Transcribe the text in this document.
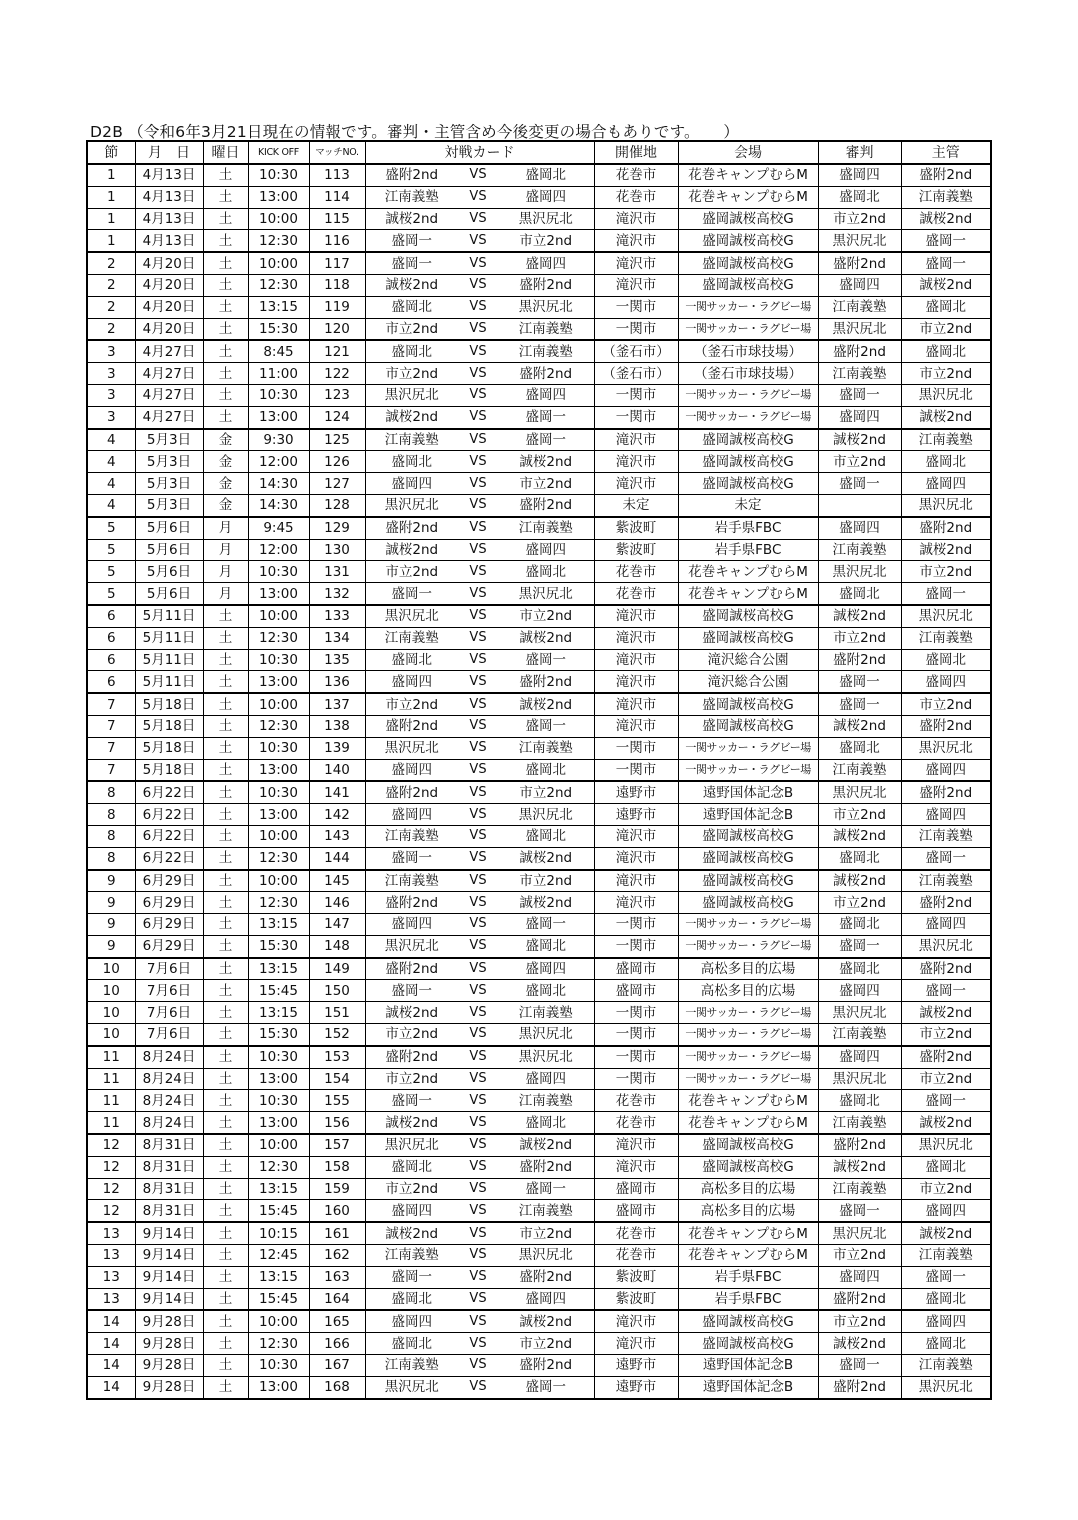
D2B （令和6年3月21日現在の情報です。審判・主管含め今後変更の場合もありです。　　）
節	月　日	曜日	KICK OFF	マッチNO.	対戦カード			開催地	会場	審判	主管
1	4月13日	土	10:30	113	盛附2nd	VS	盛岡北	花巻市	花巻キャンプむらM	盛岡四	盛附2nd
1	4月13日	土	13:00	114	江南義塾	VS	盛岡四	花巻市	花巻キャンプむらM	盛岡北	江南義塾
1	4月13日	土	10:00	115	誠桜2nd	VS	黒沢尻北	滝沢市	盛岡誠桜高校G	市立2nd	誠桜2nd
1	4月13日	土	12:30	116	盛岡一	VS	市立2nd	滝沢市	盛岡誠桜高校G	黒沢尻北	盛岡一
2	4月20日	土	10:00	117	盛岡一	VS	盛岡四	滝沢市	盛岡誠桜高校G	盛附2nd	盛岡一
2	4月20日	土	12:30	118	誠桜2nd	VS	盛附2nd	滝沢市	盛岡誠桜高校G	盛岡四	誠桜2nd
2	4月20日	土	13:15	119	盛岡北	VS	黒沢尻北	一関市	一関サッカー・ラグビー場	江南義塾	盛岡北
2	4月20日	土	15:30	120	市立2nd	VS	江南義塾	一関市	一関サッカー・ラグビー場	黒沢尻北	市立2nd
3	4月27日	土	8:45	121	盛岡北	VS	江南義塾	（釜石市）	（釜石市球技場）	盛附2nd	盛岡北
3	4月27日	土	11:00	122	市立2nd	VS	盛附2nd	（釜石市）	（釜石市球技場）	江南義塾	市立2nd
3	4月27日	土	10:30	123	黒沢尻北	VS	盛岡四	一関市	一関サッカー・ラグビー場	盛岡一	黒沢尻北
3	4月27日	土	13:00	124	誠桜2nd	VS	盛岡一	一関市	一関サッカー・ラグビー場	盛岡四	誠桜2nd
4	5月3日	金	9:30	125	江南義塾	VS	盛岡一	滝沢市	盛岡誠桜高校G	誠桜2nd	江南義塾
4	5月3日	金	12:00	126	盛岡北	VS	誠桜2nd	滝沢市	盛岡誠桜高校G	市立2nd	盛岡北
4	5月3日	金	14:30	127	盛岡四	VS	市立2nd	滝沢市	盛岡誠桜高校G	盛岡一	盛岡四
4	5月3日	金	14:30	128	黒沢尻北	VS	盛附2nd	未定	未定		黒沢尻北
5	5月6日	月	9:45	129	盛附2nd	VS	江南義塾	紫波町	岩手県FBC	盛岡四	盛附2nd
5	5月6日	月	12:00	130	誠桜2nd	VS	盛岡四	紫波町	岩手県FBC	江南義塾	誠桜2nd
5	5月6日	月	10:30	131	市立2nd	VS	盛岡北	花巻市	花巻キャンプむらM	黒沢尻北	市立2nd
5	5月6日	月	13:00	132	盛岡一	VS	黒沢尻北	花巻市	花巻キャンプむらM	盛岡北	盛岡一
6	5月11日	土	10:00	133	黒沢尻北	VS	市立2nd	滝沢市	盛岡誠桜高校G	誠桜2nd	黒沢尻北
6	5月11日	土	12:30	134	江南義塾	VS	誠桜2nd	滝沢市	盛岡誠桜高校G	市立2nd	江南義塾
6	5月11日	土	10:30	135	盛岡北	VS	盛岡一	滝沢市	滝沢総合公園	盛附2nd	盛岡北
6	5月11日	土	13:00	136	盛岡四	VS	盛附2nd	滝沢市	滝沢総合公園	盛岡一	盛岡四
7	5月18日	土	10:00	137	市立2nd	VS	誠桜2nd	滝沢市	盛岡誠桜高校G	盛岡一	市立2nd
7	5月18日	土	12:30	138	盛附2nd	VS	盛岡一	滝沢市	盛岡誠桜高校G	誠桜2nd	盛附2nd
7	5月18日	土	10:30	139	黒沢尻北	VS	江南義塾	一関市	一関サッカー・ラグビー場	盛岡北	黒沢尻北
7	5月18日	土	13:00	140	盛岡四	VS	盛岡北	一関市	一関サッカー・ラグビー場	江南義塾	盛岡四
8	6月22日	土	10:30	141	盛附2nd	VS	市立2nd	遠野市	遠野国体記念B	黒沢尻北	盛附2nd
8	6月22日	土	13:00	142	盛岡四	VS	黒沢尻北	遠野市	遠野国体記念B	市立2nd	盛岡四
8	6月22日	土	10:00	143	江南義塾	VS	盛岡北	滝沢市	盛岡誠桜高校G	誠桜2nd	江南義塾
8	6月22日	土	12:30	144	盛岡一	VS	誠桜2nd	滝沢市	盛岡誠桜高校G	盛岡北	盛岡一
9	6月29日	土	10:00	145	江南義塾	VS	市立2nd	滝沢市	盛岡誠桜高校G	誠桜2nd	江南義塾
9	6月29日	土	12:30	146	盛附2nd	VS	誠桜2nd	滝沢市	盛岡誠桜高校G	市立2nd	盛附2nd
9	6月29日	土	13:15	147	盛岡四	VS	盛岡一	一関市	一関サッカー・ラグビー場	盛岡北	盛岡四
9	6月29日	土	15:30	148	黒沢尻北	VS	盛岡北	一関市	一関サッカー・ラグビー場	盛岡一	黒沢尻北
10	7月6日	土	13:15	149	盛附2nd	VS	盛岡四	盛岡市	高松多目的広場	盛岡北	盛附2nd
10	7月6日	土	15:45	150	盛岡一	VS	盛岡北	盛岡市	高松多目的広場	盛岡四	盛岡一
10	7月6日	土	13:15	151	誠桜2nd	VS	江南義塾	一関市	一関サッカー・ラグビー場	黒沢尻北	誠桜2nd
10	7月6日	土	15:30	152	市立2nd	VS	黒沢尻北	一関市	一関サッカー・ラグビー場	江南義塾	市立2nd
11	8月24日	土	10:30	153	盛附2nd	VS	黒沢尻北	一関市	一関サッカー・ラグビー場	盛岡四	盛附2nd
11	8月24日	土	13:00	154	市立2nd	VS	盛岡四	一関市	一関サッカー・ラグビー場	黒沢尻北	市立2nd
11	8月24日	土	10:30	155	盛岡一	VS	江南義塾	花巻市	花巻キャンプむらM	盛岡北	盛岡一
11	8月24日	土	13:00	156	誠桜2nd	VS	盛岡北	花巻市	花巻キャンプむらM	江南義塾	誠桜2nd
12	8月31日	土	10:00	157	黒沢尻北	VS	誠桜2nd	滝沢市	盛岡誠桜高校G	盛附2nd	黒沢尻北
12	8月31日	土	12:30	158	盛岡北	VS	盛附2nd	滝沢市	盛岡誠桜高校G	誠桜2nd	盛岡北
12	8月31日	土	13:15	159	市立2nd	VS	盛岡一	盛岡市	高松多目的広場	江南義塾	市立2nd
12	8月31日	土	15:45	160	盛岡四	VS	江南義塾	盛岡市	高松多目的広場	盛岡一	盛岡四
13	9月14日	土	10:15	161	誠桜2nd	VS	市立2nd	花巻市	花巻キャンプむらM	黒沢尻北	誠桜2nd
13	9月14日	土	12:45	162	江南義塾	VS	黒沢尻北	花巻市	花巻キャンプむらM	市立2nd	江南義塾
13	9月14日	土	13:15	163	盛岡一	VS	盛附2nd	紫波町	岩手県FBC	盛岡四	盛岡一
13	9月14日	土	15:45	164	盛岡北	VS	盛岡四	紫波町	岩手県FBC	盛附2nd	盛岡北
14	9月28日	土	10:00	165	盛岡四	VS	誠桜2nd	滝沢市	盛岡誠桜高校G	市立2nd	盛岡四
14	9月28日	土	12:30	166	盛岡北	VS	市立2nd	滝沢市	盛岡誠桜高校G	誠桜2nd	盛岡北
14	9月28日	土	10:30	167	江南義塾	VS	盛附2nd	遠野市	遠野国体記念B	盛岡一	江南義塾
14	9月28日	土	13:00	168	黒沢尻北	VS	盛岡一	遠野市	遠野国体記念B	盛附2nd	黒沢尻北
